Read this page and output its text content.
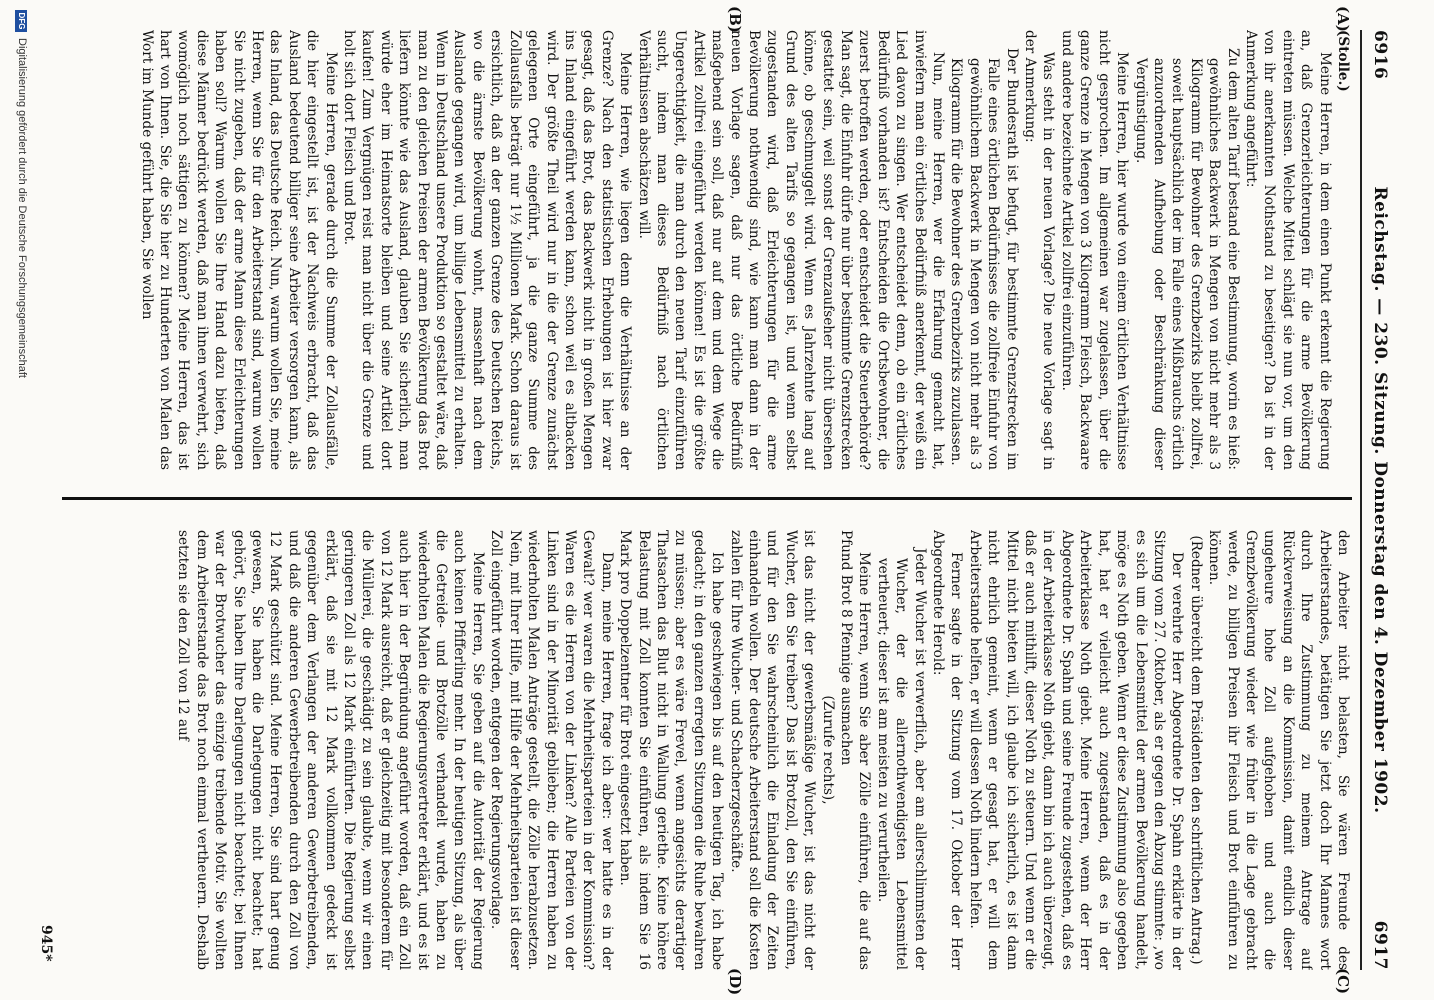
6916
Reichstag. — 230. Sitzung. Donnerstag den 4. Dezember 1902.
6917
(A)
(B)
(C)
(D)

(Stolle.)

Meine Herren, in dem einen Punkt erkennt die Regierung an, daß Grenzerleichterungen für die arme Bevölkerung eintreten müssen. Welche Mittel schlägt sie nun vor, um den von ihr anerkannten Nothstand zu beseitigen? Da ist in der Anmerkung angeführt:

Zu dem alten Tarif bestand eine Bestimmung, worin es hieß: gewöhnliches Backwerk in Mengen von nicht mehr als 3 Kilogramm für Bewohner des Grenzbezirks bleibt zollfrei, soweit hauptsächlich der im Falle eines Mißbrauchs örtlich anzuordnenden Aufhebung oder Beschränkung dieser Vergünstigung.

Meine Herren, hier wurde von einem örtlichen Verhältnisse nicht gesprochen. Im allgemeinen war zugelassen, über die ganze Grenze in Mengen von 3 Kilogramm Fleisch, Backwaare und andere bezeichnete Artikel zollfrei einzuführen.

Was steht in der neuen Vorlage? Die neue Vorlage sagt in der Anmerkung:

Der Bundesrath ist befugt, für bestimmte Grenzstrecken im Falle eines örtlichen Bedürfnisses die zollfreie Einfuhr von gewöhnlichem Backwerk in Mengen von nicht mehr als 3 Kilogramm für die Bewohner des Grenzbezirks zuzulassen.

Nun, meine Herren, wer die Erfahrung gemacht hat, inwiefern man ein örtliches Bedürfniß anerkennt, der weiß ein Lied davon zu singen. Wer entscheidet denn, ob ein örtliches Bedürfniß vorhanden ist? Entscheiden die Ortsbewohner, die zuerst betroffen werden, oder entscheidet die Steuerbehörde? Man sagt, die Einfuhr dürfe nur über bestimmte Grenzstrecken gestattet sein, weil sonst der Grenzaufseher nicht übersehen könne, ob geschmuggelt wird. Wenn es Jahrzehnte lang auf Grund des alten Tarifs so gegangen ist, und wenn selbst zugestanden wird, daß Erleichterungen für die arme Bevölkerung nothwendig sind, wie kann man dann in der neuen Vorlage sagen, daß nur das örtliche Bedürfniß maßgebend sein soll, daß nur auf dem und dem Wege die Artikel zollfrei eingeführt werden können! Es ist die größte Ungerechtigkeit, die man durch den neuen Tarif einzuführen sucht, indem man dieses Bedürfniß nach örtlichen Verhältnissen abschätzen will.

Meine Herren, wie liegen denn die Verhältnisse an der Grenze? Nach den statistischen Erhebungen ist hier zwar gesagt, daß das Brot, das Backwerk nicht in großen Mengen ins Inland eingeführt werden kann, schon weil es altbacken wird. Der größte Theil wird nur in die der Grenze zunächst gelegenen Orte eingeführt, ja die ganze Summe des Zollausfalls beträgt nur 1½ Millionen Mark. Schon daraus ist ersichtlich, daß an der ganzen Grenze des Deutschen Reichs, wo die ärmste Bevölkerung wohnt, massenhaft nach dem Auslande gegangen wird, um billige Lebensmittel zu erhalten. Wenn in Deutschland unsere Produktion so gestaltet wäre, daß man zu den gleichen Preisen der armen Bevölkerung das Brot liefern könnte wie das Ausland, glauben Sie sicherlich, man würde eher im Heimatsorte bleiben und seine Artikel dort kaufen! Zum Vergnügen reist man nicht über die Grenze und holt sich dort Fleisch und Brot.

Meine Herren, gerade durch die Summe der Zollausfälle, die hier eingestellt ist, ist der Nachweis erbracht, daß das Ausland bedeutend billiger seine Arbeiter versorgen kann, als das Inland, das Deutsche Reich. Nun, warum wollen Sie, meine Herren, wenn Sie für den Arbeiterstand sind, warum wollen Sie nicht zugeben, daß der arme Mann diese Erleichterungen haben soll? Warum wollen Sie Ihre Hand dazu bieten, daß diese Männer bedrückt werden, daß man ihnen verwehrt, sich womöglich noch sättigen zu können? Meine Herren, das ist hart von Ihnen. Sie, die Sie hier zu Hunderten von Malen das Wort im Munde geführt haben, Sie wollen

den Arbeiter nicht belasten, Sie wären Freunde des Arbeiterstandes, betätigen Sie jetzt doch Ihr Mannes wort durch Ihre Zustimmung zu meinem Antrage auf Rückverweisung an die Kommission, damit endlich dieser ungeheure hohe Zoll aufgehoben und auch die Grenzbevölkerung wieder wie früher in die Lage gebracht werde, zu billigen Preisen ihr Fleisch und Brot einführen zu können.

(Redner übereicht dem Präsidenten den schriftlichen Antrag.)

Der verehrte Herr Abgeordnete Dr. Spahn erklärte in der Sitzung vom 27. Oktober, als er gegen den Abzug stimmte: ,wo es sich um die Lebensmittel der armen Bevölkerung handelt, möge es Noth geben. Wenn er diese Zustimmung also gegeben hat, hat er vielleicht auch zugestanden, daß es in der Arbeiterklasse Noth giebt. Meine Herren, wenn der Herr Abgeordnete Dr. Spahn und seine Freunde zugestehen, daß es in der Arbeiterklasse Noth giebt, dann bin ich auch überzeugt, daß er auch mithilft, dieser Noth zu steuern. Und wenn er die Mittel nicht bieten will, ich glaube ich sicherlich, es ist dann nicht ehrlich gemeint, wenn er gesagt hat, er will dem Arbeiterstande helfen, er will dessen Noth lindern helfen.

Ferner sagte in der Sitzung vom 17. Oktober der Herr Abgeordnete Herold:

Jeder Wucher ist verwerflich, aber am allerschlimmsten der Wucher, der die allernothwendigsten Lebensmittel vertheuert; dieser ist am meisten zu verurtheilen.

Meine Herren, wenn Sie aber Zölle einführen, die auf das Pfund Brot 8 Pfennige ausmachen

(Zurufe rechts),

ist das nicht der gewerbsmäßige Wucher, ist das nicht der Wucher, den Sie treiben? Das ist Brotzoll, den Sie einführen, und für den Sie wahrscheinlich die Einladung der Zeiten einhandeln wollen. Der deutsche Arbeiterstand soll die Kosten zahlen für Ihre Wucher- und Schacherzgeschäfte.

Ich habe geschwiegen bis auf den heutigen Tag, ich habe gedacht; in den ganzen erregten Sitzungen die Ruhe bewahren zu müssen; aber es wäre Frevel, wenn angesichts derartiger Thatsachen das Blut nicht in Wallung geriethe. Keine höhere Belastung mit Zoll konnten Sie einführen, als indem Sie 16 Mark pro Doppelzentner für Brot eingesetzt haben.

Dann, meine Herren, frage ich aber: wer hatte es in der Gewalt? wer waren die Mehrheitsparteien in der Kommission? Waren es die Herren von der Linken? Alle Parteien von der Linken sind in der Minorität geblieben; die Herren haben zu wiederholten Malen Anträge gestellt, die Zölle herabzusetzen. Nein, mit Ihrer Hilfe, mit Hilfe der Mehrheitsparteien ist dieser Zoll eingeführt worden, entgegen der Regierungsvorlage.

Meine Herren, Sie geben auf die Autorität der Regierung auch keinen Pfifferling mehr. In der heutigen Sitzung, als über die Getreide- und Brotzölle verhandelt wurde, haben zu wiederholten Malen die Regierungsvertreter erklärt, und es ist auch hier in der Begründung angeführt worden, daß ein Zoll von 12 Mark ausreicht, daß er gleichzeitig mit besonderem für die Müllerei, die geschädigt zu sein glaubte, wenn wir einen geringeren Zoll als 12 Mark einführten. Die Regierung selbst erklärt, daß sie mit 12 Mark vollkommen gedeckt ist gegenüber dem Verlangen der anderen Gewerbetreibenden, und daß die anderen Gewerbetreibenden durch den Zoll von 12 Mark geschützt sind. Meine Herren, Sie sind hart genug gewesen, Sie haben die Darlegungen nicht beachtet; hat gehört, Sie haben Ihre Darlegungen nicht beachtet; bei Ihnen war der Brotwucher das einzige treibende Motiv. Sie wollten dem Arbeiterstande das Brot noch einmal vertheuern. Deshalb setzten sie den Zoll von 12 auf

945*
DFG
Digitalisierung gefördert durch die Deutsche Forschungsgemeinschaft
